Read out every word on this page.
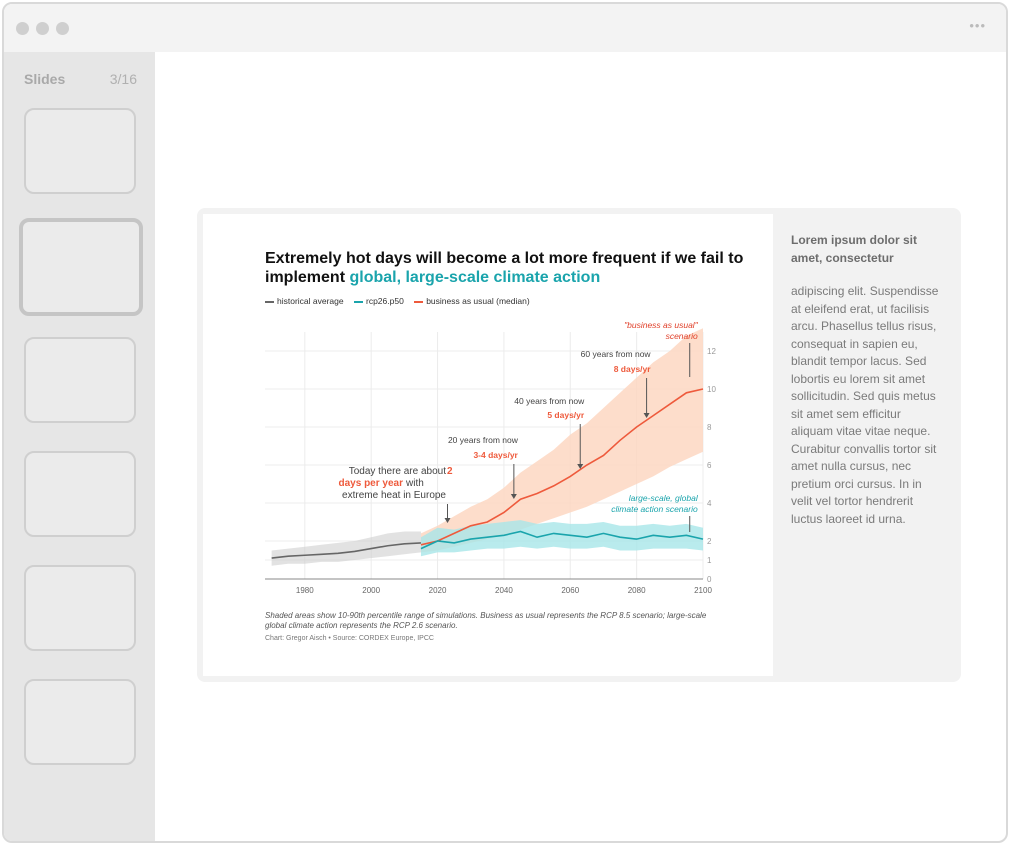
•••
Slides	3/16
Extremely hot days will become a lot more frequent if we fail to implement global, large-scale climate action
historical average	rcp26.p50	business as usual (median)
0
1
2
4
6
8
10
12
1980	2000	2020	2040	2060	2080	2100
Today there are about 2
days per year with
extreme heat in Europe
20 years from now
3-4 days/yr
40 years from now
5 days/yr
60 years from now
8 days/yr
"business as usual"
scenario
large-scale, global
climate action scenario
Shaded areas show 10-90th percentile range of simulations. Business as usual represents the RCP 8.5 scenario; large-scale global climate action represents the RCP 2.6 scenario.
Chart: Gregor Aisch • Source: CORDEX Europe, IPCC
Lorem ipsum dolor sit amet, consectetur
adipiscing elit. Suspendisse at eleifend erat, ut facilisis arcu. Phasellus tellus risus, consequat in sapien eu, blandit tempor lacus. Sed lobortis eu lorem sit amet sollicitudin. Sed quis metus sit amet sem efficitur aliquam vitae vitae neque. Curabitur convallis tortor sit amet nulla cursus, nec pretium orci cursus. In in velit vel tortor hendrerit luctus laoreet id urna.
